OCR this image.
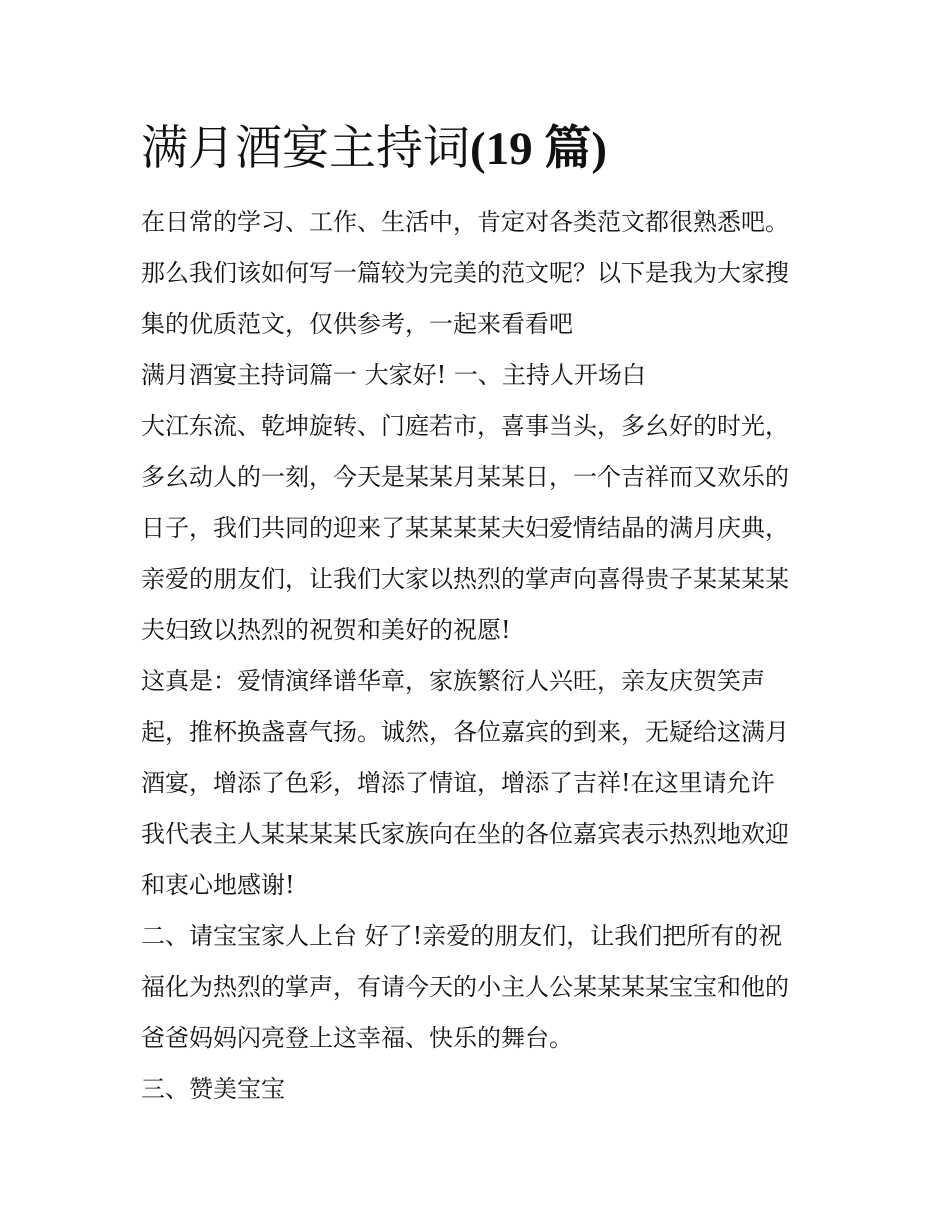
满月酒宴主持词(19 篇)
在日常的学习、工作、生活中，肯定对各类范文都很熟悉吧。
那么我们该如何写一篇较为完美的范文呢？以下是我为大家搜
集的优质范文，仅供参考，一起来看看吧
满月酒宴主持词篇一 大家好! 一、主持人开场白
大江东流、乾坤旋转、门庭若市，喜事当头，多幺好的时光，
多幺动人的一刻，今天是某某月某某日，一个吉祥而又欢乐的
日子，我们共同的迎来了某某某某夫妇爱情结晶的满月庆典，
亲爱的朋友们，让我们大家以热烈的掌声向喜得贵子某某某某
夫妇致以热烈的祝贺和美好的祝愿!
这真是：爱情演绎谱华章，家族繁衍人兴旺，亲友庆贺笑声
起，推杯换盏喜气扬。诚然，各位嘉宾的到来，无疑给这满月
酒宴，增添了色彩，增添了情谊，增添了吉祥!在这里请允许
我代表主人某某某某氏家族向在坐的各位嘉宾表示热烈地欢迎
和衷心地感谢!
二、请宝宝家人上台 好了!亲爱的朋友们，让我们把所有的祝
福化为热烈的掌声，有请今天的小主人公某某某某宝宝和他的
爸爸妈妈闪亮登上这幸福、快乐的舞台。
三、赞美宝宝
